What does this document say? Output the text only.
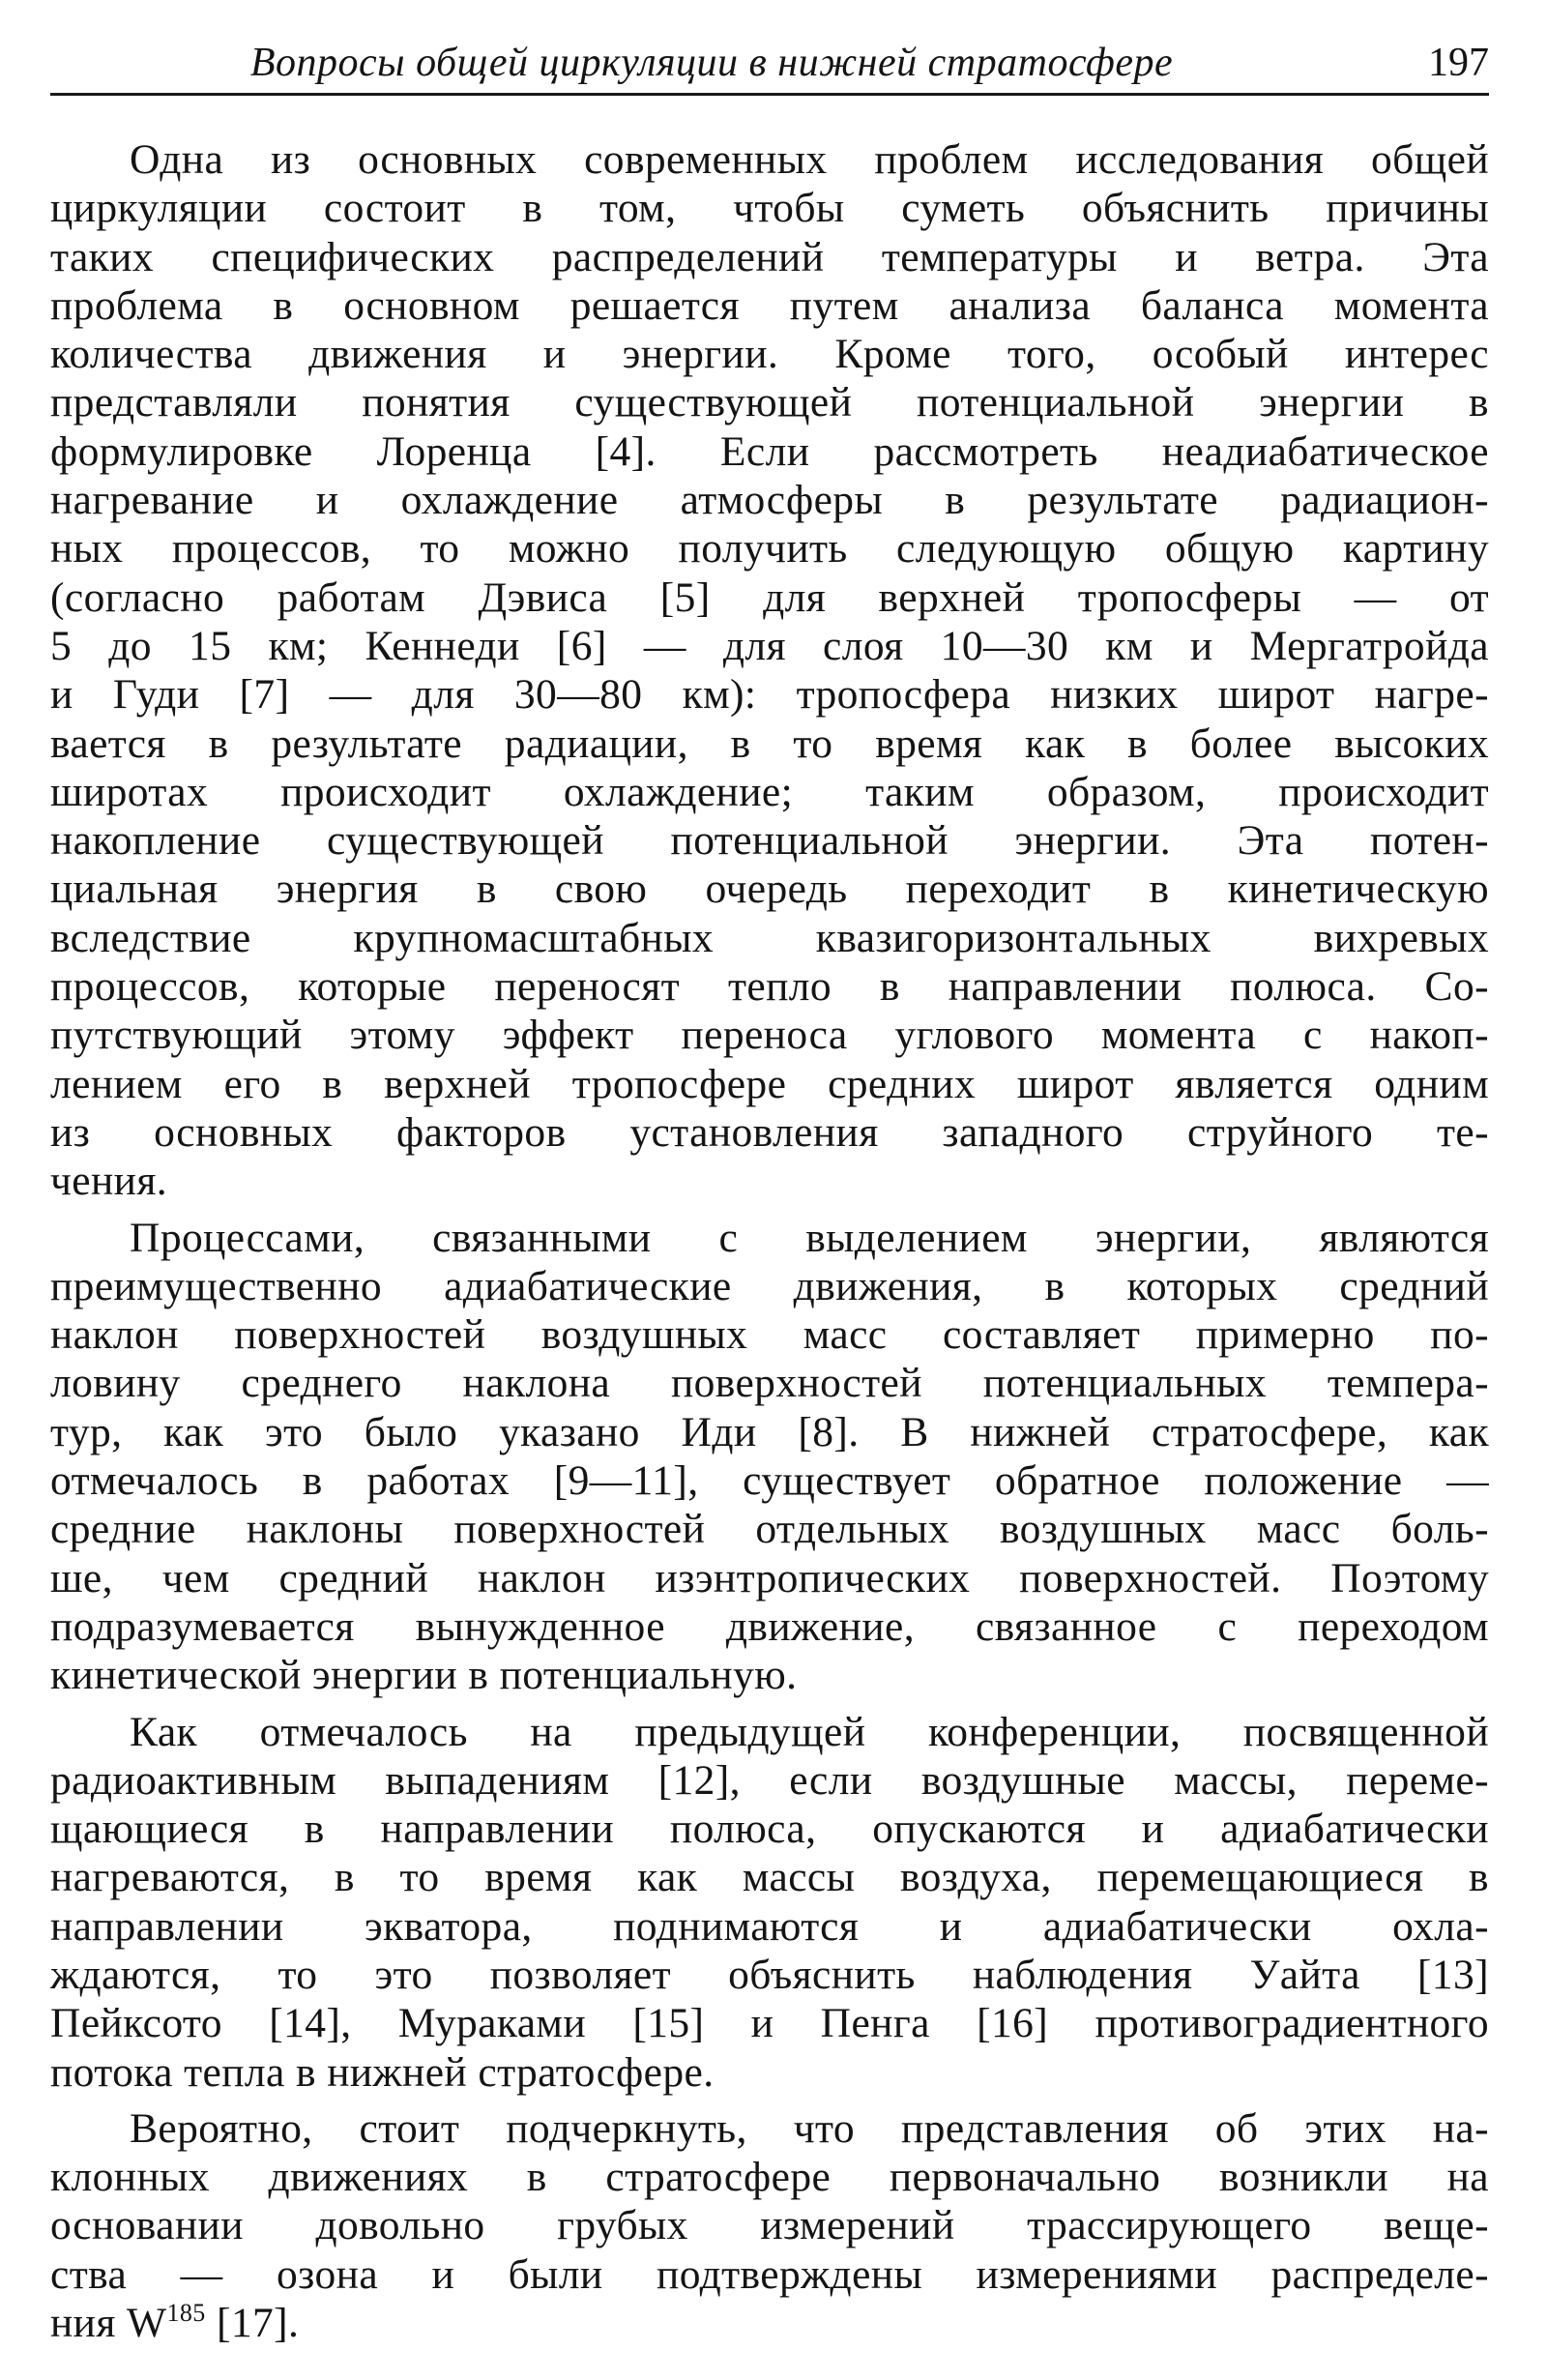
Вопросы общей циркуляции в нижней стратосфере	197
Одна из основных современных проблем исследования общей
циркуляции состоит в том, чтобы суметь объяснить причины
таких специфических распределений температуры и ветра. Эта
проблема в основном решается путем анализа баланса момента
количества движения и энергии. Кроме того, особый интерес
представляли понятия существующей потенциальной энергии в
формулировке Лоренца [4]. Если рассмотреть неадиабатическое
нагревание и охлаждение атмосферы в результате радиацион-
ных процессов, то можно получить следующую общую картину
(согласно работам Дэвиса [5] для верхней тропосферы — от
5 до 15 км; Кеннеди [6] — для слоя 10—30 км и Мергатройда
и Гуди [7] — для 30—80 км): тропосфера низких широт нагре-
вается в результате радиации, в то время как в более высоких
широтах происходит охлаждение; таким образом, происходит
накопление существующей потенциальной энергии. Эта потен-
циальная энергия в свою очередь переходит в кинетическую
вследствие крупномасштабных квазигоризонтальных вихревых
процессов, которые переносят тепло в направлении полюса. Со-
путствующий этому эффект переноса углового момента с накоп-
лением его в верхней тропосфере средних широт является одним
из основных факторов установления западного струйного те-
чения.
Процессами, связанными с выделением энергии, являются
преимущественно адиабатические движения, в которых средний
наклон поверхностей воздушных масс составляет примерно по-
ловину среднего наклона поверхностей потенциальных темпера-
тур, как это было указано Иди [8]. В нижней стратосфере, как
отмечалось в работах [9—11], существует обратное положение —
средние наклоны поверхностей отдельных воздушных масс боль-
ше, чем средний наклон изэнтропических поверхностей. Поэтому
подразумевается вынужденное движение, связанное с переходом
кинетической энергии в потенциальную.
Как отмечалось на предыдущей конференции, посвященной
радиоактивным выпадениям [12], если воздушные массы, переме-
щающиеся в направлении полюса, опускаются и адиабатически
нагреваются, в то время как массы воздуха, перемещающиеся в
направлении экватора, поднимаются и адиабатически охла-
ждаются, то это позволяет объяснить наблюдения Уайта [13]
Пейксото [14], Мураками [15] и Пенга [16] противоградиентного
потока тепла в нижней стратосфере.
Вероятно, стоит подчеркнуть, что представления об этих на-
клонных движениях в стратосфере первоначально возникли на
основании довольно грубых измерений трассирующего веще-
ства — озона и были подтверждены измерениями распределе-
ния $W^{185}$ [17].
